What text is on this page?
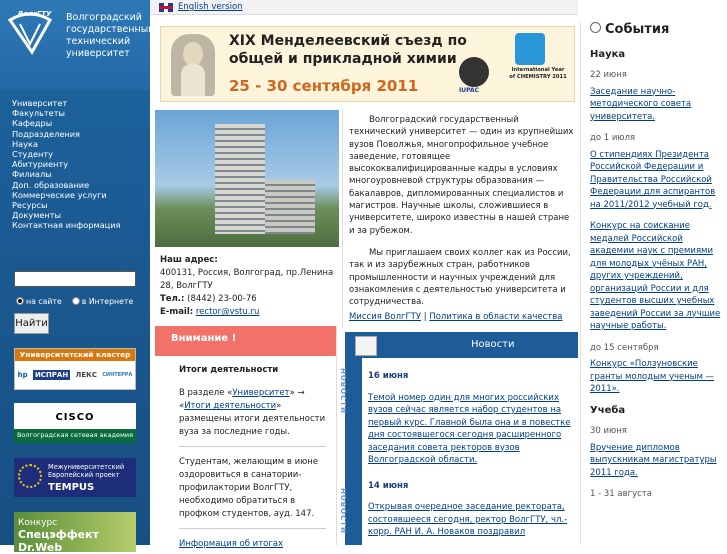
ВолгГТУ Волгоградский государственный технический университет
Университет
Факультеты
Кафедры
Подразделения
Наука
Студенту
Абитуриенту
Филиалы
Доп. образование
Коммерческие услуги
Ресурсы
Документы
Контактная информация
на сайте	в Интернете
Найти
Университетский кластер
hp ИСПРАН ЛЕКС СИНТЕРРА
CISCO
Волгоградская сетевая академия
Межуниверситетский Европейский проект
TEMPUS
Конкурс
Спецэффект Dr.Web
English version
XIX Менделеевский съезд по общей и прикладной химии
25 - 30 сентября 2011	IUPAC
International Year of CHEMISTRY 2011
Наш адрес:
400131, Россия, Волгоград, пр.Ленина 28, ВолгГТУ
Тел.: (8442) 23-00-76
E-mail: rector@vstu.ru

Волгоградский государственный технический университет — один из крупнейших вузов Поволжья, многопрофильное учебное заведение, готовящее высококвалифицированные кадры в условиях многоуровневой структуры образования — бакалавров, дипломированных специалистов и магистров. Научные школы, сложившиеся в университете, широко известны в нашей стране и за рубежом.

Мы приглашаем своих коллег как из России, так и из зарубежных стран, работников промышленности и научных учреждений для ознакомления с деятельностью университета и сотрудничества.

Миссия ВолгГТУ | Политика в области качества
Внимание !
Итоги деятельности
В разделе «Университет» → «Итоги деятельности» размещены итоги деятельности вуза за последние годы.
Студентам, желающим в июне оздоровиться в санатории-профилактории ВолгГТУ, необходимо обратиться в профком студентов, ауд. 147.
Информация об итогах
Новости
НОВОСТИ
НОВОСТИ
16 июня
Темой номер один для многих российских вузов сейчас является набор студентов на первый курс. Главной была она и в повестке дня состоявшегося сегодня расширенного заседания совета ректоров вузов Волгоградской области.
14 июня
Открывая очередное заседание ректората, состоявшееся сегодня, ректор ВолгГТУ, чл.-корр. РАН И. А. Новаков поздравил
События
Наука
22 июня
Заседание научно-методического совета университета.
до 1 июля
О стипендиях Президента Российской Федерации и Правительства Российской Федерации для аспирантов на 2011/2012 учебный год.
Конкурс на соискание медалей Российской академии наук с премиями для молодых учёных РАН, других учреждений, организаций России и для студентов высших учебных заведений России за лучшие научные работы.
до 15 сентября
Конкурс «Ползуновские гранты молодым ученым — 2011».
Учеба
30 июня
Вручение дипломов выпускникам магистратуры 2011 года.
1 - 31 августа
